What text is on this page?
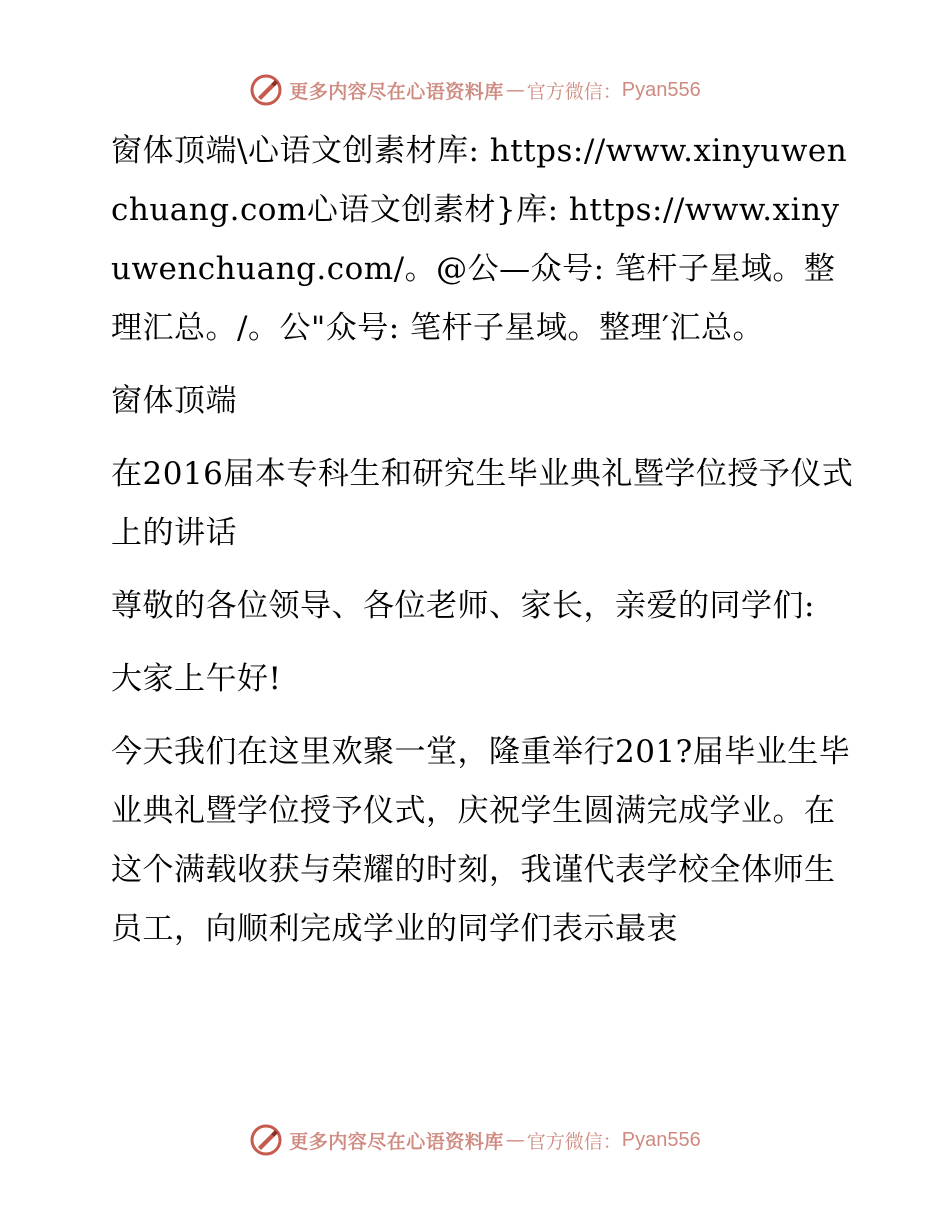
更多内容尽在心语资料库 — 官方微信： Pyan556

窗体顶端\心语文创素材库: https://www.xinyuwenchuang.com心语文创素材}库: https://www.xinyuwenchuang.com/。@公—众号: 笔杆子星域。整理汇总。/。公"众号: 笔杆子星域。整理′汇总。

窗体顶端

在2016届本专科生和研究生毕业典礼暨学位授予仪式上的讲话

尊敬的各位领导、各位老师、家长，亲爱的同学们:

大家上午好!

今天我们在这里欢聚一堂，隆重举行201?届毕业生毕业典礼暨学位授予仪式，庆祝学生圆满完成学业。在这个满载收获与荣耀的时刻，我谨代表学校全体师生员工，向顺利完成学业的同学们表示最衷

更多内容尽在心语资料库 — 官方微信： Pyan556
